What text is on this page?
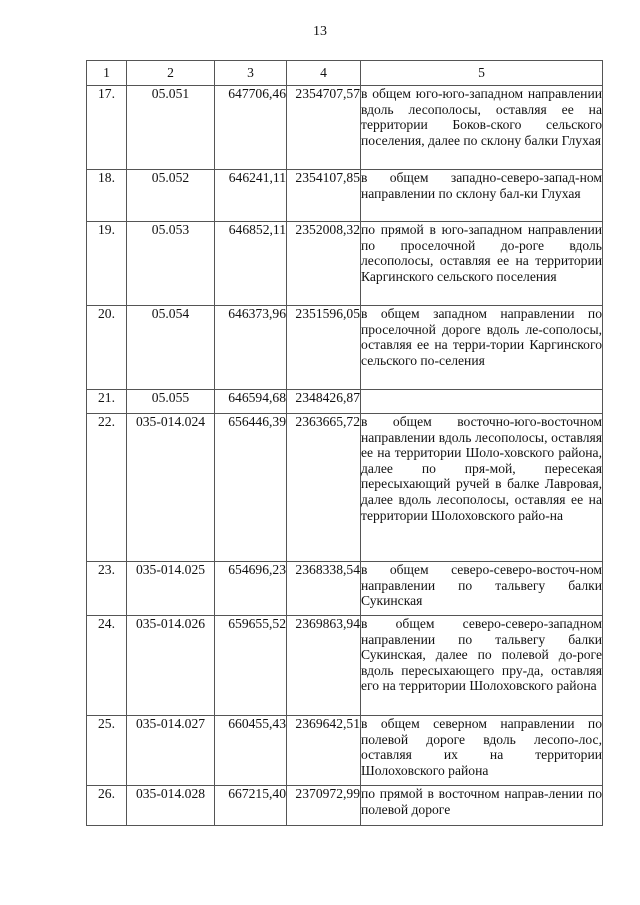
13
1	2	3	4	5
17.	05.051	647706,46	2354707,57	в общем юго-юго-западном направлении вдоль лесополосы, оставляя ее на территории Боков-ского сельского поселения, далее по склону балки Глухая
18.	05.052	646241,11	2354107,85	в общем западно-северо-запад-ном направлении по склону бал-ки Глухая
19.	05.053	646852,11	2352008,32	по прямой в юго-западном направлении по проселочной до-роге вдоль лесополосы, оставляя ее на территории Каргинского сельского поселения
20.	05.054	646373,96	2351596,05	в общем западном направлении по проселочной дороге вдоль ле-сополосы, оставляя ее на терри-тории Каргинского сельского по-селения
21.	05.055	646594,68	2348426,87	
22.	035-014.024	656446,39	2363665,72	в общем восточно-юго-восточном направлении вдоль лесополосы, оставляя ее на территории Шоло-ховского района, далее по пря-мой, пересекая пересыхающий ручей в балке Лавровая, далее вдоль лесополосы, оставляя ее на территории Шолоховского райо-на
23.	035-014.025	654696,23	2368338,54	в общем северо-северо-восточ-ном направлении по тальвегу балки Сукинская
24.	035-014.026	659655,52	2369863,94	в общем северо-северо-западном направлении по тальвегу балки Сукинская, далее по полевой до-роге вдоль пересыхающего пру-да, оставляя его на территории Шолоховского района
25.	035-014.027	660455,43	2369642,51	в общем северном направлении по полевой дороге вдоль лесопо-лос, оставляя их на территории Шолоховского района
26.	035-014.028	667215,40	2370972,99	по прямой в восточном направ-лении по полевой дороге
